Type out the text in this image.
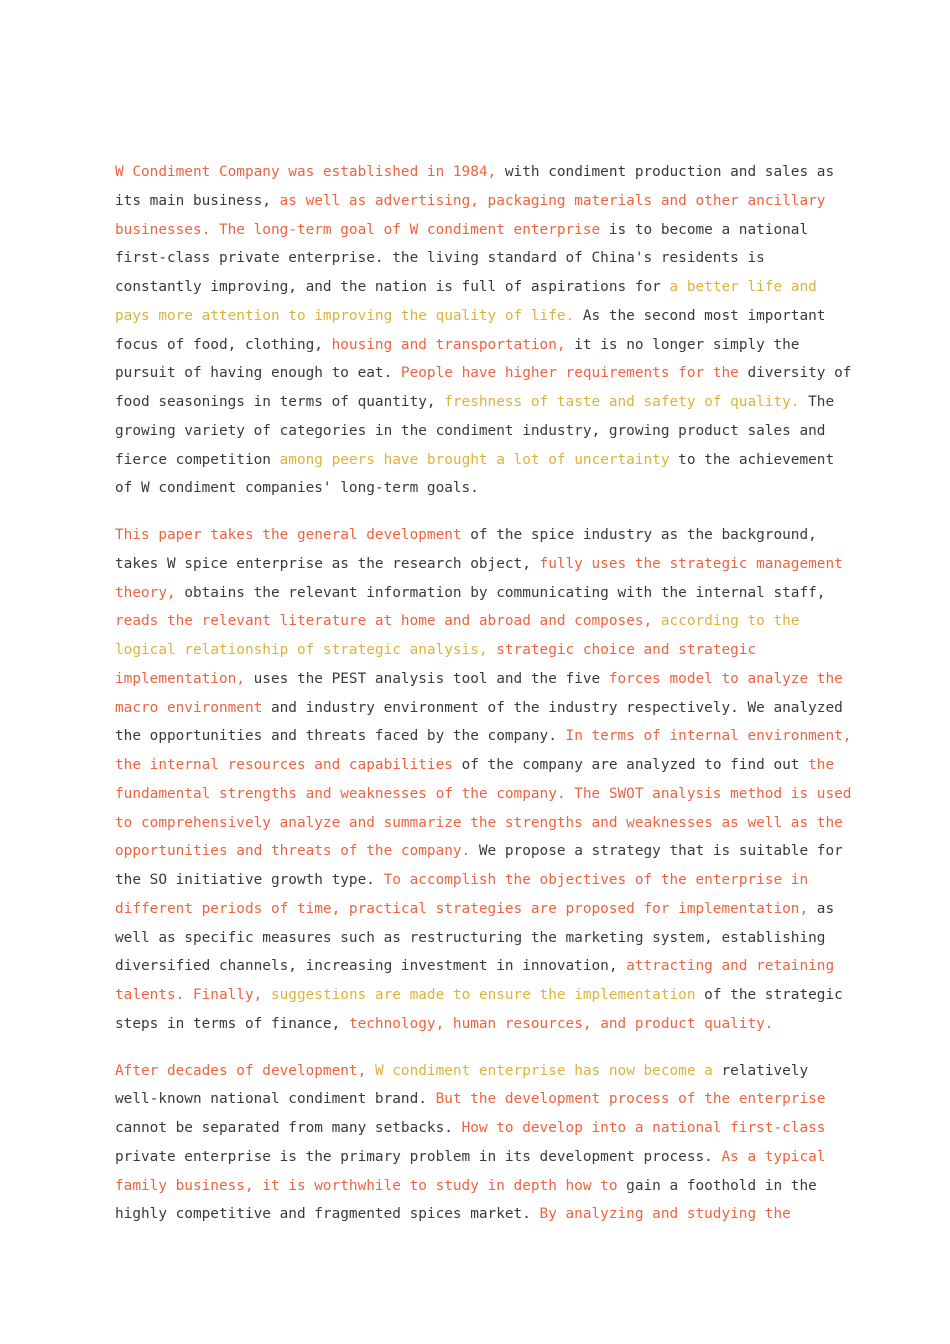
W Condiment Company was established in 1984, with condiment production and sales as
its main business, as well as advertising, packaging materials and other ancillary
businesses. The long-term goal of W condiment enterprise is to become a national
first-class private enterprise. the living standard of China's residents is
constantly improving, and the nation is full of aspirations for a better life and
pays more attention to improving the quality of life. As the second most important
focus of food, clothing, housing and transportation, it is no longer simply the
pursuit of having enough to eat. People have higher requirements for the diversity of
food seasonings in terms of quantity, freshness of taste and safety of quality. The
growing variety of categories in the condiment industry, growing product sales and
fierce competition among peers have brought a lot of uncertainty to the achievement
of W condiment companies' long-term goals.

This paper takes the general development of the spice industry as the background,
takes W spice enterprise as the research object, fully uses the strategic management
theory, obtains the relevant information by communicating with the internal staff,
reads the relevant literature at home and abroad and composes, according to the
logical relationship of strategic analysis, strategic choice and strategic
implementation, uses the PEST analysis tool and the five forces model to analyze the
macro environment and industry environment of the industry respectively. We analyzed
the opportunities and threats faced by the company. In terms of internal environment,
the internal resources and capabilities of the company are analyzed to find out the
fundamental strengths and weaknesses of the company. The SWOT analysis method is used
to comprehensively analyze and summarize the strengths and weaknesses as well as the
opportunities and threats of the company. We propose a strategy that is suitable for
the SO initiative growth type. To accomplish the objectives of the enterprise in
different periods of time, practical strategies are proposed for implementation, as
well as specific measures such as restructuring the marketing system, establishing
diversified channels, increasing investment in innovation, attracting and retaining
talents. Finally, suggestions are made to ensure the implementation of the strategic
steps in terms of finance, technology, human resources, and product quality.

After decades of development, W condiment enterprise has now become a relatively
well-known national condiment brand. But the development process of the enterprise
cannot be separated from many setbacks. How to develop into a national first-class
private enterprise is the primary problem in its development process. As a typical
family business, it is worthwhile to study in depth how to gain a foothold in the
highly competitive and fragmented spices market. By analyzing and studying the
